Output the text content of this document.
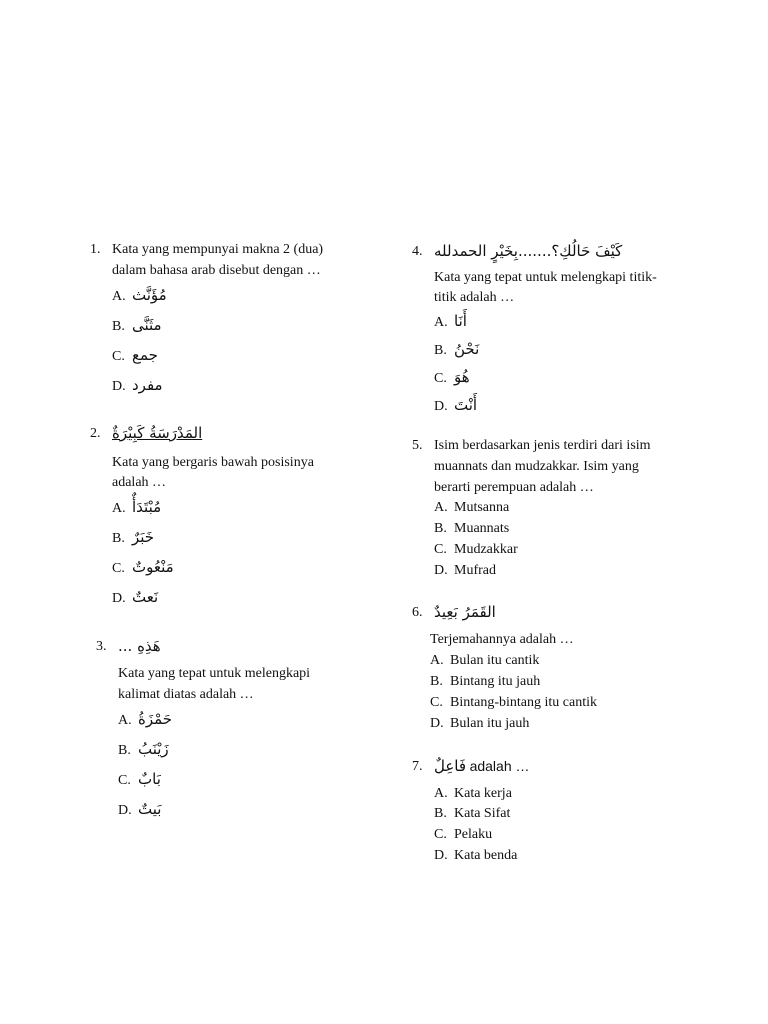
1. Kata yang mempunyai makna 2 (dua)
dalam bahasa arab disebut dengan …
A. مُؤَنَّث
B. مثَنَّى
C. جمع
D. مفرد
2. المَدْرَسَةُ كَبِيْرَةٌ
Kata yang bergaris bawah posisinya
adalah …
A. مُبْتَدَأٌ
B. خَبَرٌ
C. مَنْعُوتٌ
D. نَعتٌ
3. هَذِهِ ...
Kata yang tepat untuk melengkapi
kalimat diatas adalah …
A. حَمْزَةُ
B. زَيْنَبُ
C. بَابٌ
D. بَيتٌ
4. كَيْفَ حَالُكِ؟.......بِخَيْرٍ الحمدلله
Kata yang tepat untuk melengkapi titik-
titik adalah …
A. أَنَا
B. نَحْنُ
C. هُوَ
D. أَنْتَ
5. Isim berdasarkan jenis terdiri dari isim
muannats dan mudzakkar. Isim yang
berarti perempuan adalah …
A. Mutsanna
B. Muannats
C. Mudzakkar
D. Mufrad
6. القَمَرُ بَعِيدٌ
Terjemahannya adalah …
A. Bulan itu cantik
B. Bintang itu jauh
C. Bintang-bintang itu cantik
D. Bulan itu jauh
7. فَاعِلٌ adalah …
A. Kata kerja
B. Kata Sifat
C. Pelaku
D. Kata benda
